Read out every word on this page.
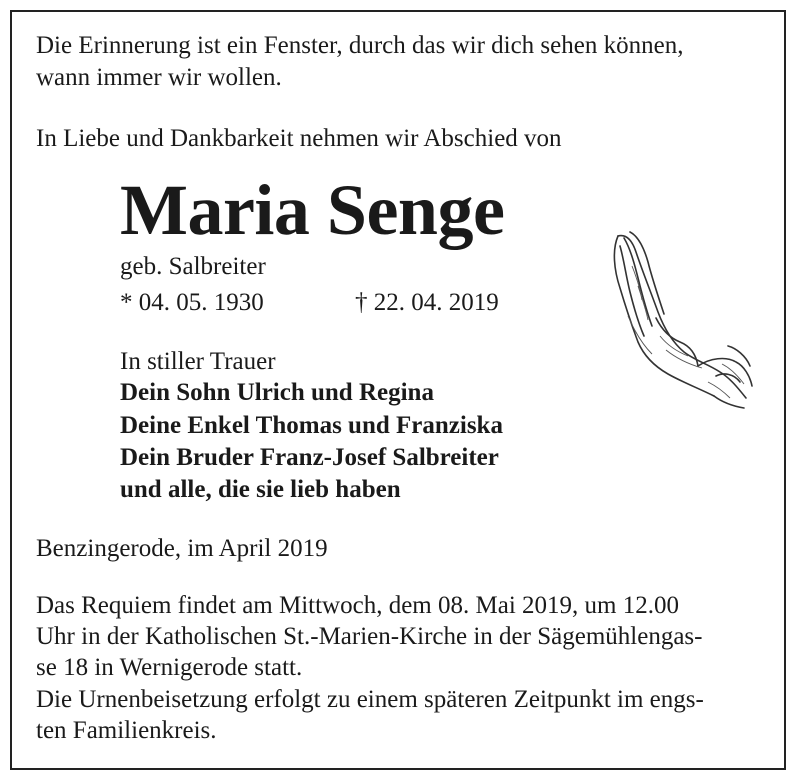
Die Erinnerung ist ein Fenster, durch das wir dich sehen können,
wann immer wir wollen.
In Liebe und Dankbarkeit nehmen wir Abschied von
Maria Senge
geb. Salbreiter
* 04. 05. 1930	† 22. 04. 2019
In stiller Trauer
Dein Sohn Ulrich und Regina
Deine Enkel Thomas und Franziska
Dein Bruder Franz-Josef Salbreiter
und alle, die sie lieb haben
Benzingerode, im April 2019
Das Requiem findet am Mittwoch, dem 08. Mai 2019, um 12.00
Uhr in der Katholischen St.-Marien-Kirche in der Sägemühlengas-
se 18 in Wernigerode statt.
Die Urnenbeisetzung erfolgt zu einem späteren Zeitpunkt im engs-
ten Familienkreis.
